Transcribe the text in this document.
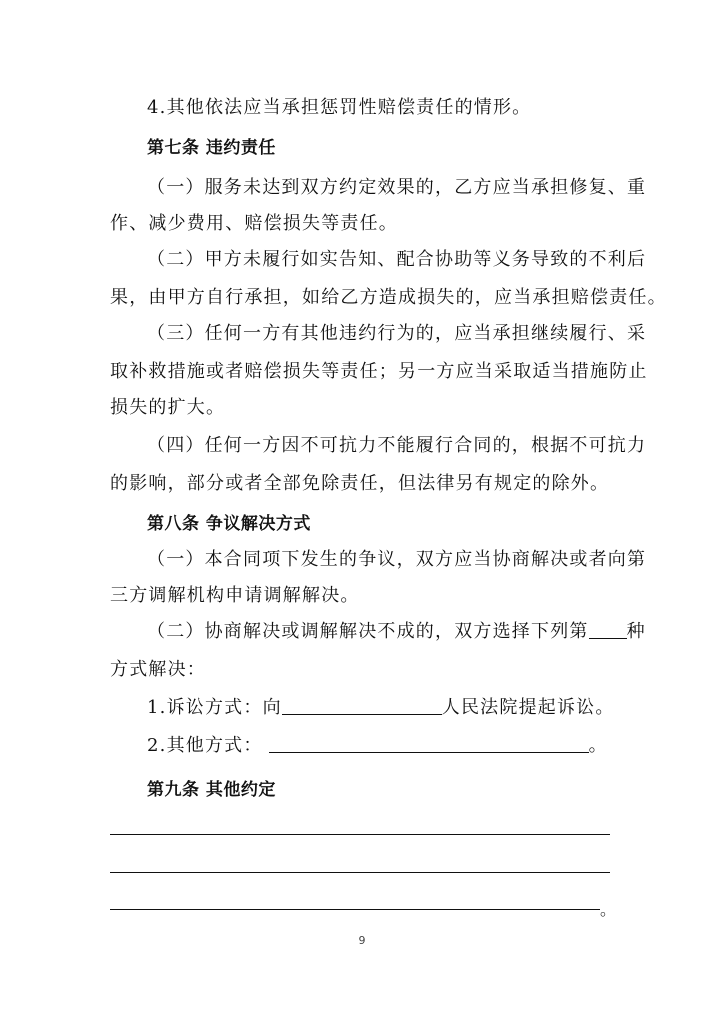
4.其他依法应当承担惩罚性赔偿责任的情形。
第七条 违约责任
（一）服务未达到双方约定效果的，乙方应当承担修复、重
作、减少费用、赔偿损失等责任。
（二）甲方未履行如实告知、配合协助等义务导致的不利后
果，由甲方自行承担，如给乙方造成损失的，应当承担赔偿责任。
（三）任何一方有其他违约行为的，应当承担继续履行、采
取补救措施或者赔偿损失等责任；另一方应当采取适当措施防止
损失的扩大。
（四）任何一方因不可抗力不能履行合同的，根据不可抗力
的影响，部分或者全部免除责任，但法律另有规定的除外。
第八条 争议解决方式
（一）本合同项下发生的争议，双方应当协商解决或者向第
三方调解机构申请调解解决。
（二）协商解决或调解解决不成的，双方选择下列第 种
方式解决：
1.诉讼方式：向	人民法院提起诉讼。
2.其他方式：	。
第九条 其他约定
。
9
